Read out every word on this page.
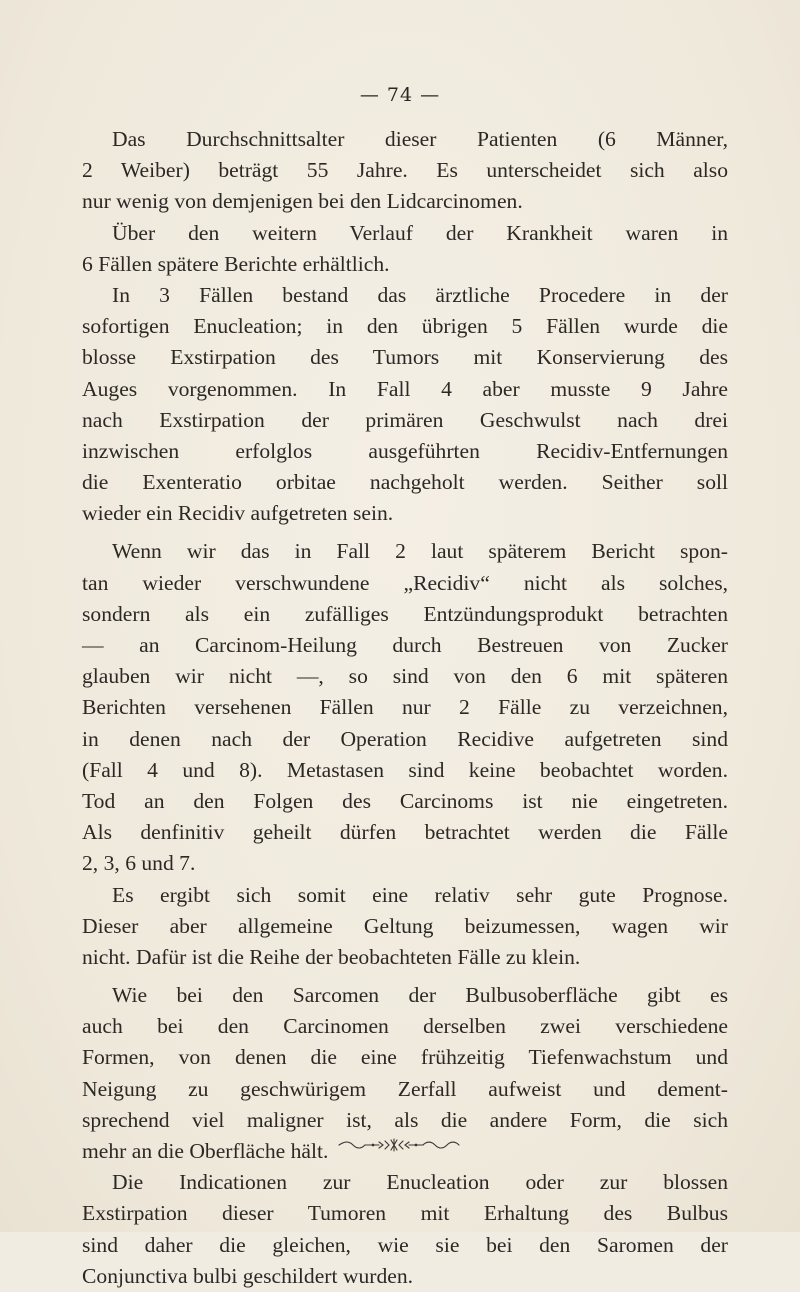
— 74 —
Das Durchschnittsalter dieser Patienten (6 Männer,
2 Weiber) beträgt 55 Jahre. Es unterscheidet sich also
nur wenig von demjenigen bei den Lidcarcinomen.
Über den weitern Verlauf der Krankheit waren in
6 Fällen spätere Berichte erhältlich.
In 3 Fällen bestand das ärztliche Procedere in der
sofortigen Enucleation; in den übrigen 5 Fällen wurde die
blosse Exstirpation des Tumors mit Konservierung des
Auges vorgenommen. In Fall 4 aber musste 9 Jahre
nach Exstirpation der primären Geschwulst nach drei
inzwischen erfolglos ausgeführten Recidiv-Entfernungen
die Exenteratio orbitae nachgeholt werden. Seither soll
wieder ein Recidiv aufgetreten sein.
Wenn wir das in Fall 2 laut späterem Bericht spon-
tan wieder verschwundene „Recidiv“ nicht als solches,
sondern als ein zufälliges Entzündungsprodukt betrachten
— an Carcinom-Heilung durch Bestreuen von Zucker
glauben wir nicht —, so sind von den 6 mit späteren
Berichten versehenen Fällen nur 2 Fälle zu verzeichnen,
in denen nach der Operation Recidive aufgetreten sind
(Fall 4 und 8). Metastasen sind keine beobachtet worden.
Tod an den Folgen des Carcinoms ist nie eingetreten.
Als denfinitiv geheilt dürfen betrachtet werden die Fälle
2, 3, 6 und 7.
Es ergibt sich somit eine relativ sehr gute Prognose.
Dieser aber allgemeine Geltung beizumessen, wagen wir
nicht. Dafür ist die Reihe der beobachteten Fälle zu klein.
Wie bei den Sarcomen der Bulbusoberfläche gibt es
auch bei den Carcinomen derselben zwei verschiedene
Formen, von denen die eine frühzeitig Tiefenwachstum und
Neigung zu geschwürigem Zerfall aufweist und dement-
sprechend viel maligner ist, als die andere Form, die sich
mehr an die Oberfläche hält.
Die Indicationen zur Enucleation oder zur blossen
Exstirpation dieser Tumoren mit Erhaltung des Bulbus
sind daher die gleichen, wie sie bei den Saromen der
Conjunctiva bulbi geschildert wurden.
